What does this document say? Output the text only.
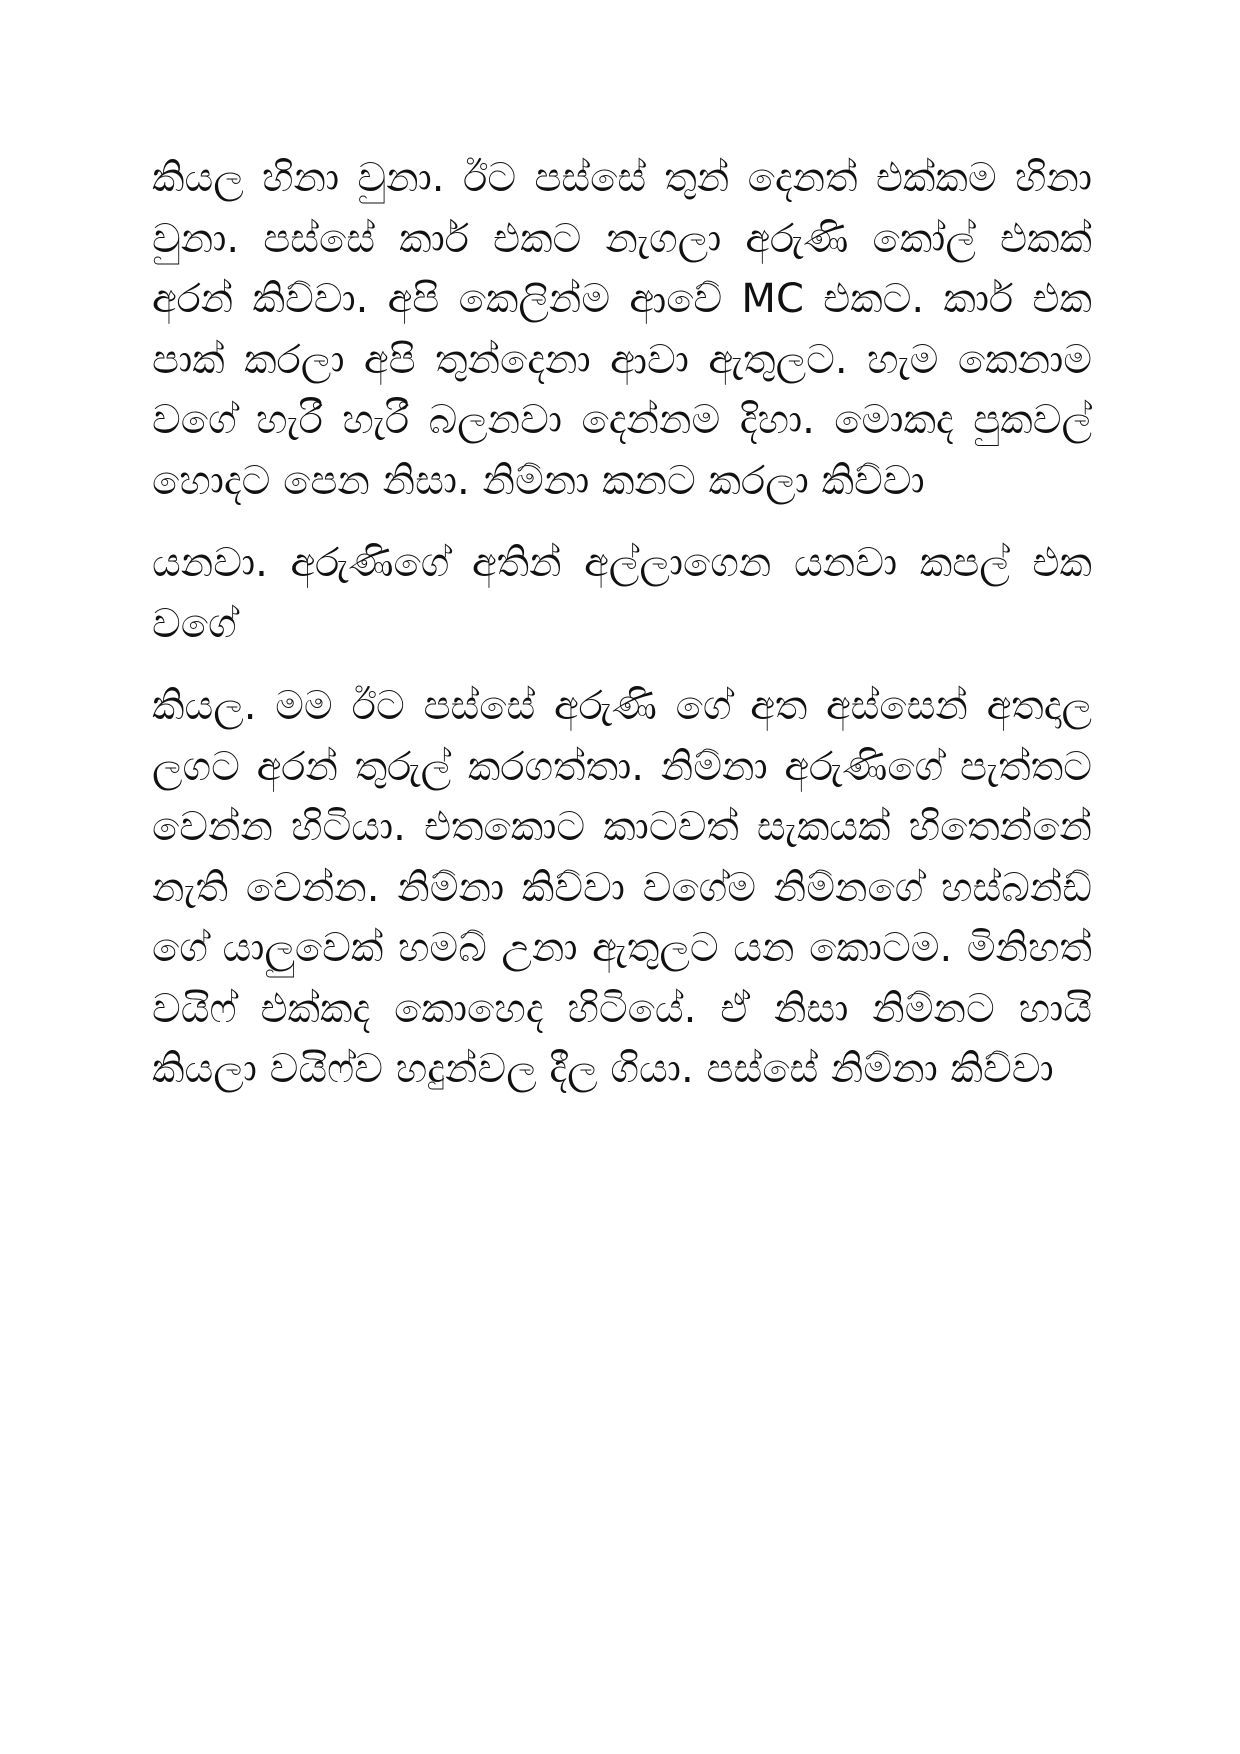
කියල හිනා වුනා. ඊට පස්සේ තුන් දෙනත් එක්කම හිනා වුනා. පස්සේ කාර් එකට නැගලා අරුණි කෝල් එකක් අරන් කිව්වා. අපි කෙලින්ම ආවේ MC එකට. කාර් එක පාක් කරලා අපි තුන්දෙනා ආවා ඇතුලට. හැම කෙනාම වගේ හැරී හැරී බලනවා දෙන්නම දිහා. මොකද පුකවල් හොදට පෙන නිසා. නිම්නා කනට කරලා කිව්වා

යනවා. අරුණිගේ අතින් අල්ලාගෙන යනවා කපල් එක වගේ

කියල. මම ඊට පස්සේ අරුණි ගේ අත අස්සෙන් අතදාල ලගට අරන් තුරුල් කරගත්තා. නිම්නා අරුණිගේ පැත්තට වෙන්න හිටියා. එතකොට කාටවත් සැකයක් හිතෙන්නේ නැති වෙන්න. නිම්නා කිව්වා වගේම නිම්නගේ හස්බන්ඩ් ගේ යාලුවෙක් හමබ් උනා ඇතුලට යන කොටම. මිනිහත් වයිෆ් එක්කද කොහෙද හිටියේ. ඒ නිසා නිම්නට හායි කියලා වයිෆ්ව හදුන්වල දීල ගියා. පස්සේ නිම්නා කිව්වා
